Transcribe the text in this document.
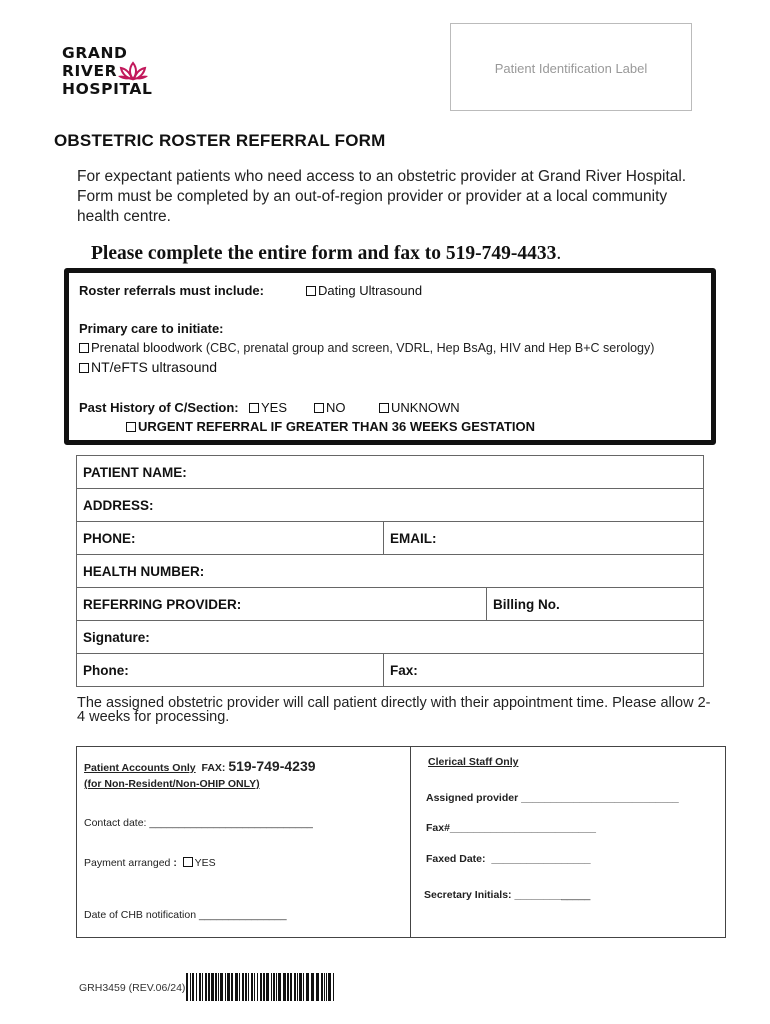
GRAND
RIVER
HOSPITAL
Patient Identification Label
OBSTETRIC ROSTER REFERRAL FORM
For expectant patients who need access to an obstetric provider at Grand River Hospital. Form must be completed by an out-of-region provider or provider at a local community health centre.
Please complete the entire form and fax to 519-749-4433.
Roster referrals must include:	Dating Ultrasound
Primary care to initiate:
Prenatal bloodwork (CBC, prenatal group and screen, VDRL, Hep BsAg, HIV and Hep B+C serology)
NT/eFTS ultrasound
Past History of C/Section:	YES	NO	UNKNOWN
URGENT REFERRAL IF GREATER THAN 36 WEEKS GESTATION
PATIENT NAME:		
ADDRESS:		
PHONE:	EMAIL:	
HEALTH NUMBER:		
REFERRING PROVIDER:		Billing No.
Signature:		
Phone:	Fax:	
The assigned obstetric provider will call patient directly with their appointment time. Please allow 2-4 weeks for processing.
Patient Accounts Only FAX: 519-749-4239
(for Non-Resident/Non-OHIP ONLY)
Contact date: ____________________________
Payment arranged : YES
Date of CHB notification _______________
Clerical Staff Only
Assigned provider ___________________________
Fax#_________________________
Faxed Date: _________________
Secretary Initials: _____________
GRH3459 (REV.06/24)
